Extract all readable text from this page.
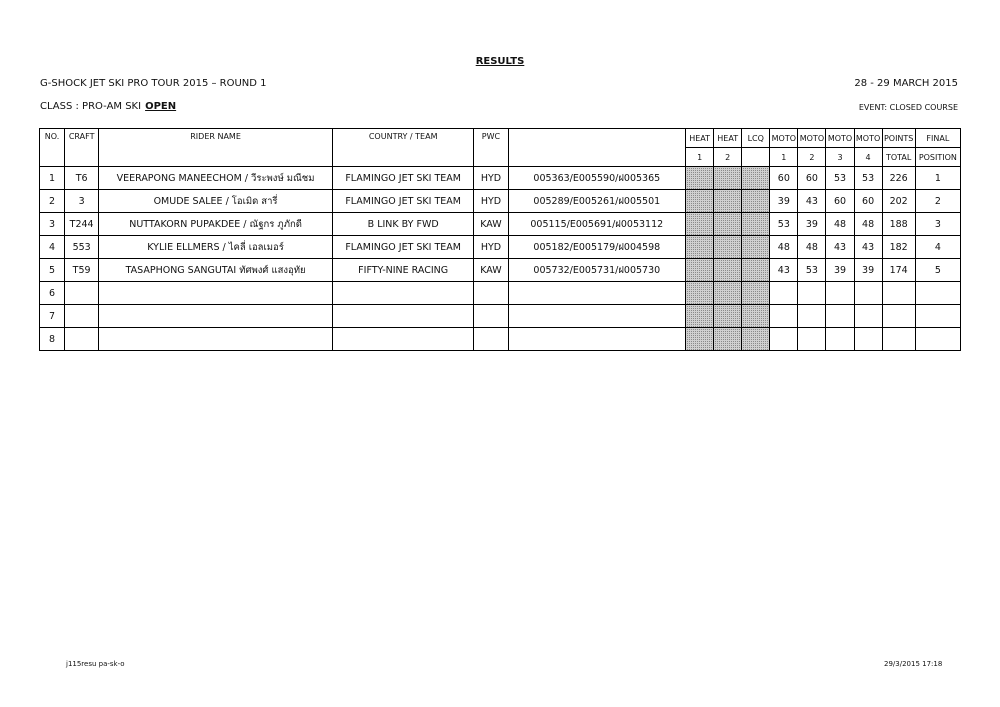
RESULTS
G-SHOCK JET SKI PRO TOUR 2015 – ROUND 1	28 - 29 MARCH 2015
CLASS : PRO-AM SKI OPEN	EVENT: CLOSED COURSE
NO.	CRAFT	RIDER NAME	COUNTRY / TEAM	PWC		HEAT	HEAT	LCQ	MOTO	MOTO	MOTO	MOTO	POINTS	FINAL
						1	2		1	2	3	4	TOTAL	POSITION
1	T6	VEERAPONG MANEECHOM / วีระพงษ์ มณีชม	FLAMINGO JET SKI TEAM	HYD	005363/E005590/ฝ005365				60	60	53	53	226	1
2	3	OMUDE SALEE / โอเมิด สารี่	FLAMINGO JET SKI TEAM	HYD	005289/E005261/ฝ005501				39	43	60	60	202	2
3	T244	NUTTAKORN PUPAKDEE / ณัฐกร ภูภักดี	B LINK BY FWD	KAW	005115/E005691/ฝ0053112				53	39	48	48	188	3
4	553	KYLIE ELLMERS / ไคลี่ เอลเมอร์	FLAMINGO JET SKI TEAM	HYD	005182/E005179/ฝ004598				48	48	43	43	182	4
5	T59	TASAPHONG SANGUTAI ทัศพงศ์ แสงอุทัย	FIFTY-NINE RACING	KAW	005732/E005731/ฝ005730				43	53	39	39	174	5
6														
7														
8														
j115resu pa-sk-o	29/3/2015 17:18
